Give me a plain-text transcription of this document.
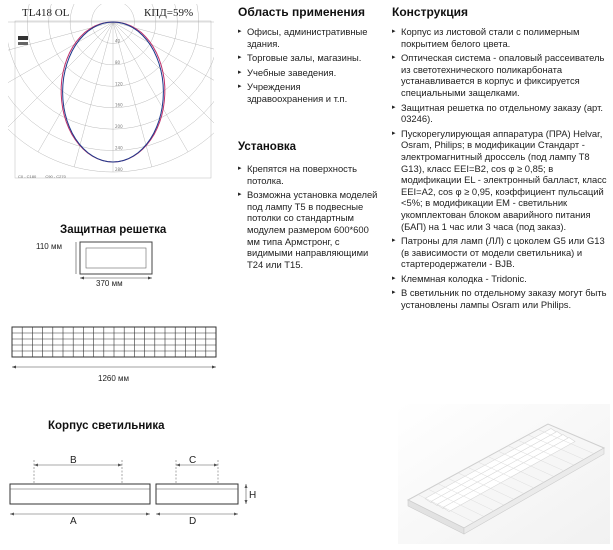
TL418 OL	КПД=59%
40
80
120
160
200
240
280
C0 - C180 C90 - C270
Защитная решетка
110 мм
370 мм
1260 мм
Корпус светильника
B
A
C
D
H
Область применения
▸ Офисы, административные здания.
▸ Торговые залы, магазины.
▸ Учебные заведения.
▸ Учреждения здравоохранения и т.п.
Установка
▸ Крепятся на поверхность потолка.
▸ Возможна установка моделей под лампу T5 в подвесные потолки со стандартным модулем размером 600*600 мм типа Армстронг, с видимыми направляющими T24 или T15.
Конструкция
▸ Корпус из листовой стали с полимерным покрытием белого цвета.
▸ Оптическая система - опаловый рассеиватель из светотехнического поликарбоната устанавливается в корпус и фиксируется специальными защелками.
▸ Защитная решетка по отдельному заказу (арт. 03246).
▸ Пускорегулирующая аппаратура (ПРА) Helvar, Osram, Philips; в модификации Стандарт - электромагнитный дроссель (под лампу T8 G13), класс EEI=B2, cos φ ≥ 0,85; в модификации EL - электронный балласт, класс EEI=A2, cos φ ≥ 0,95, коэффициент пульсаций <5%; в модификации EM - светильник укомплектован блоком аварийного питания (БАП) на 1 час или 3 часа (под заказ).
▸ Патроны для ламп (ЛЛ) с цоколем G5 или G13 (в зависимости от модели светильника) и стартеродержатели - BJB.
▸ Клеммная колодка - Tridonic.
▸ В светильник по отдельному заказу могут быть установлены лампы Osram или Philips.
